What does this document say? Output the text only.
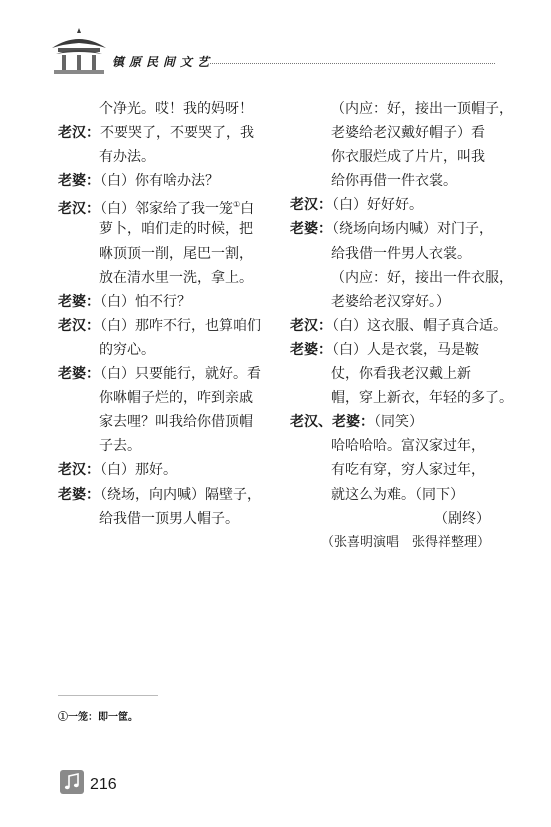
镇原民间文艺
个净光。哎！我的妈呀！
老汉：不要哭了，不要哭了，我
有办法。
老婆：（白）你有啥办法？
老汉：（白）邻家给了我一笼①白
萝卜，咱们走的时候，把
咻顶顶一削，尾巴一割，
放在清水里一洗，拿上。
老婆：（白）怕不行？
老汉：（白）那咋不行，也算咱们
的穷心。
老婆：（白）只要能行，就好。看
你咻帽子烂的，咋到亲戚
家去哩？叫我给你借顶帽
子去。
老汉：（白）那好。
老婆：（绕场，向内喊）隔壁子，
给我借一顶男人帽子。
（内应：好，接出一顶帽子，
老婆给老汉戴好帽子）看
你衣服烂成了片片，叫我
给你再借一件衣裳。
老汉：（白）好好好。
老婆：（绕场向场内喊）对门子，
给我借一件男人衣裳。
（内应：好，接出一件衣服，
老婆给老汉穿好。）
老汉：（白）这衣服、帽子真合适。
老婆：（白）人是衣裳，马是鞍
仗，你看我老汉戴上新
帽，穿上新衣，年轻的多了。
老汉、老婆：（同笑）
哈哈哈哈。富汉家过年，
有吃有穿，穷人家过年，
就这么为难。（同下）
（剧终）
（张喜明演唱　张得祥整理）
①一笼：即一筐。
216
